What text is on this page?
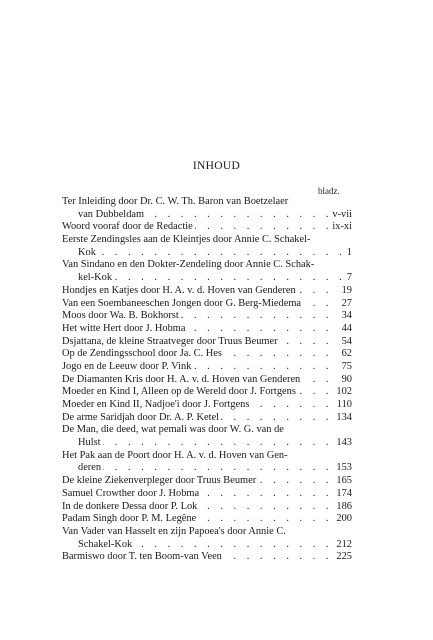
INHOUD
bladz.
Ter Inleiding door Dr. C. W. Th. Baron van Boetzelaer
van Dubbeldam . . .	v-vii
Woord vooraf door de Redactie . . .	ix-xi
Eerste Zendingsles aan de Kleintjes door Annie C. Schakel-
Kok . . .	1
Van Sindano en den Dokter-Zendeling door Annie C. Schak-
kel-Kok . . .	7
Hondjes en Katjes door H. A. v. d. Hoven van Genderen . . .	19
Van een Soembaneeschen Jongen door G. Berg-Miedema . . .	27
Moos door Wa. B. Bokhorst . . .	34
Het witte Hert door J. Hobma . . .	44
Dsjattana, de kleine Straatveger door Truus Beumer . . .	54
Op de Zendingsschool door Ja. C. Hes . . .	62
Jogo en de Leeuw door P. Vink . . .	75
De Diamanten Kris door H. A. v. d. Hoven van Genderen . . .	90
Moeder en Kind I, Alleen op de Wereld door J. Fortgens . . .	102
Moeder en Kind II, Nadjoe'i door J. Fortgens . . .	110
De arme Saridjah door Dr. A. P. Ketel . . .	134
De Man, die deed, wat pemali was door W. G. van de
Hulst . . .	143
Het Pak aan de Poort door H. A. v. d. Hoven van Gen-
deren . . .	153
De kleine Ziekenverpleger door Truus Beumer . . .	165
Samuel Crowther door J. Hobma . . .	174
In de donkere Dessa door P. Lok . . .	186
Padam Singh door P. M. Legêne . . .	200
Van Vader van Hasselt en zijn Papoea's door Annie C.
Schakel-Kok . . .	212
Barmiswo door T. ten Boom-van Veen . . .	225
